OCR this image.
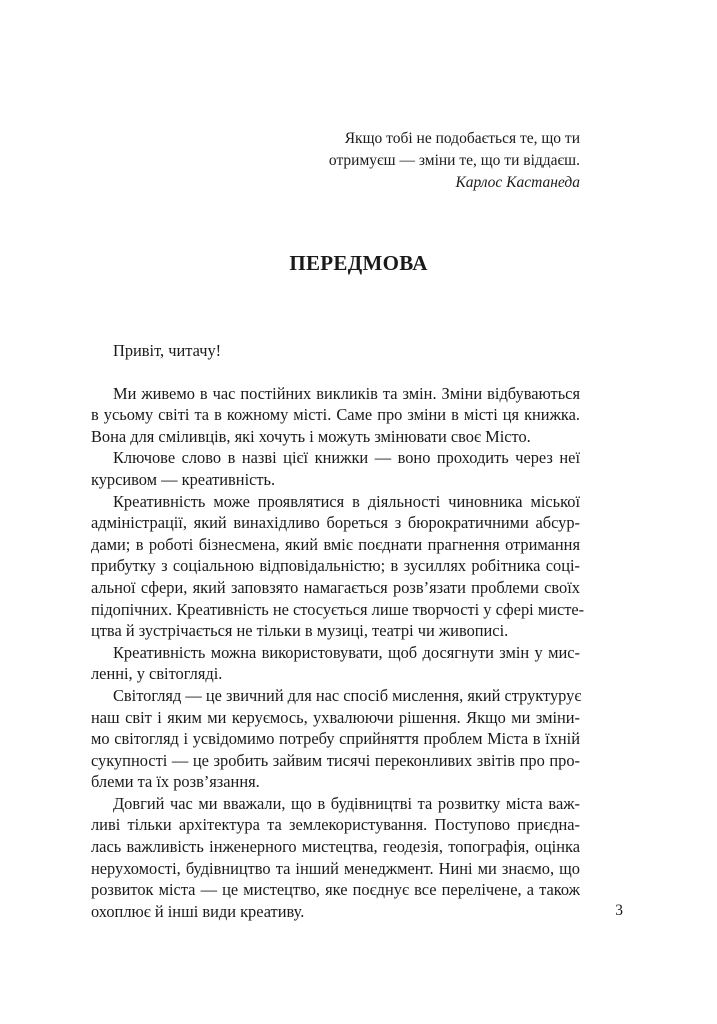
Якщо тобі не подобається те, що ти
отримуєш — зміни те, що ти віддаєш.
Карлос Кастанеда
ПЕРЕДМОВА

Привіт, читачу!

Ми живемо в час постійних викликів та змін. Зміни відбуваються
в усьому світі та в кожному місті. Саме про зміни в місті ця книжка.
Вона для сміливців, які хочуть і можуть змінювати своє Місто.

Ключове слово в назві цієї книжки — воно проходить через неї
курсивом — креативність.

Креативність може проявлятися в діяльності чиновника міської
адміністрації, який винахідливо бореться з бюрократичними абсур-
дами; в роботі бізнесмена, який вміє поєднати прагнення отримання
прибутку з соціальною відповідальністю; в зусиллях робітника соці-
альної сфери, який заповзято намагається розв’язати проблеми своїх
підопічних. Креативність не стосується лише творчості у сфері мисте-
цтва й зустрічається не тільки в музиці, театрі чи живописі.

Креативність можна використовувати, щоб досягнути змін у мис-
ленні, у світогляді.

Світогляд — це звичний для нас спосіб мислення, який структурує
наш світ і яким ми керуємось, ухвалюючи рішення. Якщо ми зміни-
мо світогляд і усвідомимо потребу сприйняття проблем Міста в їхній
сукупності — це зробить зайвим тисячі переконливих звітів про про-
блеми та їх розв’язання.

Довгий час ми вважали, що в будівництві та розвитку міста важ-
ливі тільки архітектура та землекористування. Поступово приєдна-
лась важливість інженерного мистецтва, геодезія, топографія, оцінка
нерухомості, будівництво та інший менеджмент. Нині ми знаємо, що
розвиток міста — це мистецтво, яке поєднує все перелічене, а також
охоплює й інші види креативу.	3
